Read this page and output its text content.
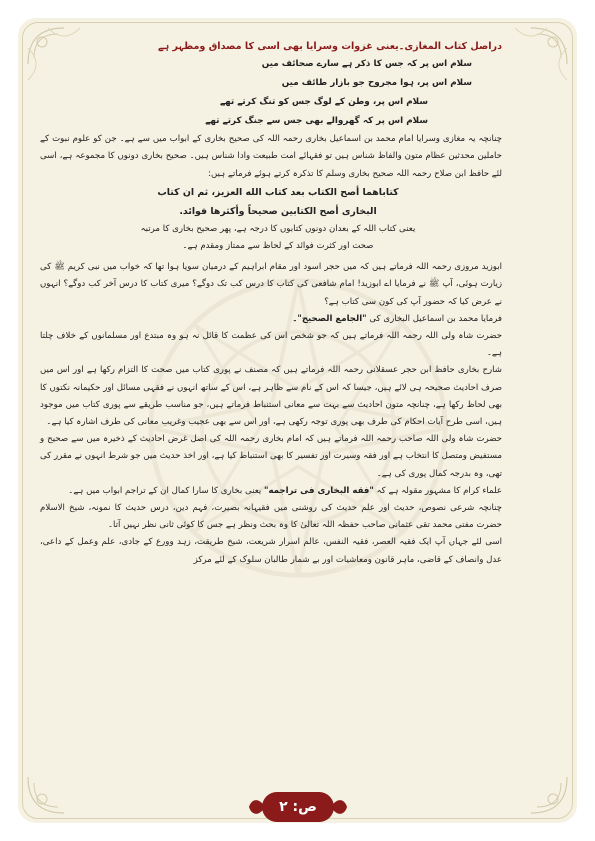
دراصل کتاب المغازی۔یعنی غزوات وسرایا بھی اسی کا مصداق ومظہر ہے

سلام اس پر کہ جس کا ذکر ہے سارے صحائف میں

سلام اس پر، ہوا مجروح جو بازار طائف میں

سلام اس پر، وطن کے لوگ جس کو تنگ کرتے تھے

سلام اس پر کہ گھروالے بھی جس سے جنگ کرتے تھے

چنانچہ یہ مغازی وسرایا امام محمد بن اسماعیل بخاری رحمہ اللہ کی صحیح بخاری کے ابواب میں سے ہے۔ جن کو علوم نبوت کے حاملین محدثین عظام متون والفاظ شناس ہیں تو فقہائے امت طبیعت وادا شناس ہیں۔ صحیح بخاری دونوں کا مجموعہ ہے، اسی لئے حافظ ابن صلاح رحمہ اللہ صحیح بخاری وسلم کا تذکرہ کرتے ہوئے فرماتے ہیں:

كتاباهما أصح الكتاب بعد كتاب الله العزيز، ثم ان كتاب

البخاری أصح الكتابين صحيحاً وأكثرها فوائد.

یعنی کتاب اللہ کے بعدان دونوں کتابوں کا درجہ ہے، پھر صحیح بخاری کا مرتبہ

صحت اور کثرت فوائد کے لحاظ سے ممتاز ومقدم ہے۔

ابوزید مروزی رحمہ اللہ فرماتے ہیں کہ میں حجر اسود اور مقام ابراہیم کے درمیان سویا ہوا تھا کہ خواب میں نبی کریم ﷺ کی زیارت ہوئی، آپ ﷺ نے فرمایا اے ابوزید! امام شافعی کی کتاب کا درس کب تک دوگے؟ میری کتاب کا درس آخر کب دوگے؟ انہوں نے عرض کیا کہ حضور آپ کی کون سی کتاب ہے؟

فرمایا محمد بن اسماعیل البخاری کی "الجامع الصحيح"۔

حضرت شاہ ولی اللہ رحمہ اللہ فرماتے ہیں کہ جو شخص اس کی عظمت کا قائل نہ ہو وہ مبتدع اور مسلمانوں کے خلاف چلتا ہے۔

شارح بخاری حافظ ابن حجر عسقلانی رحمہ اللہ فرماتے ہیں کہ مصنف نے پوری کتاب میں صحت کا التزام رکھا ہے اور اس میں صرف احادیث صحیحہ ہی لائے ہیں، جیسا کہ اس کے نام سے ظاہر ہے، اس کے ساتھ انہوں نے فقہی مسائل اور حکیمانہ نکتوں کا بھی لحاظ رکھا ہے، چنانچہ متون احادیث سے بہت سے معانی استنباط فرماتے ہیں، جو مناسب طریقے سے پوری کتاب میں موجود ہیں، اسی طرح آیات احکام کی طرف بھی پوری توجہ رکھی ہے، اور اس سے بھی عجیب وغریب معانی کی طرف اشارہ کیا ہے۔

حضرت شاہ ولی اللہ صاحب رحمہ اللہ فرماتے ہیں کہ امام بخاری رحمہ اللہ کی اصل غرض احادیث کے ذخیرہ میں سے صحیح و مستفیض ومتصل کا انتخاب ہے اور فقہ وسیرت اور تفسیر کا بھی استنباط کیا ہے، اور اخذ حدیث میں جو شرط انہوں نے مقرر کی تھی، وہ بدرجہ کمال پوری کی ہے۔

علماء کرام کا مشہور مقولہ ہے کہ "فقه البخاری فی تراجمه" یعنی بخاری کا سارا کمال ان کے تراجم ابواب میں ہے۔

چنانچہ شرعی نصوص، حدیث اور علم حدیث کی روشنی میں فقیہانہ بصیرت، فہم دین، درس حدیث کا نمونہ، شیخ الاسلام حضرت مفتی محمد تقی عثمانی صاحب حفظہ اللہ تعالیٰ کا وہ بحث ونظر ہے جس کا کوئی ثانی نظر نہیں آتا۔

اسی لئے جہاں آپ ایک فقیہ العصر، فقیہ النفس، عالم اسرار شریعت، شیخ طریقت، زہد وورع کے جادی، علم وعمل کے داعی، عدل وانصاف کے قاضی، ماہر قانون ومعاشیات اور بے شمار طالبان سلوک کے لئے مرکز

ص: ٢
